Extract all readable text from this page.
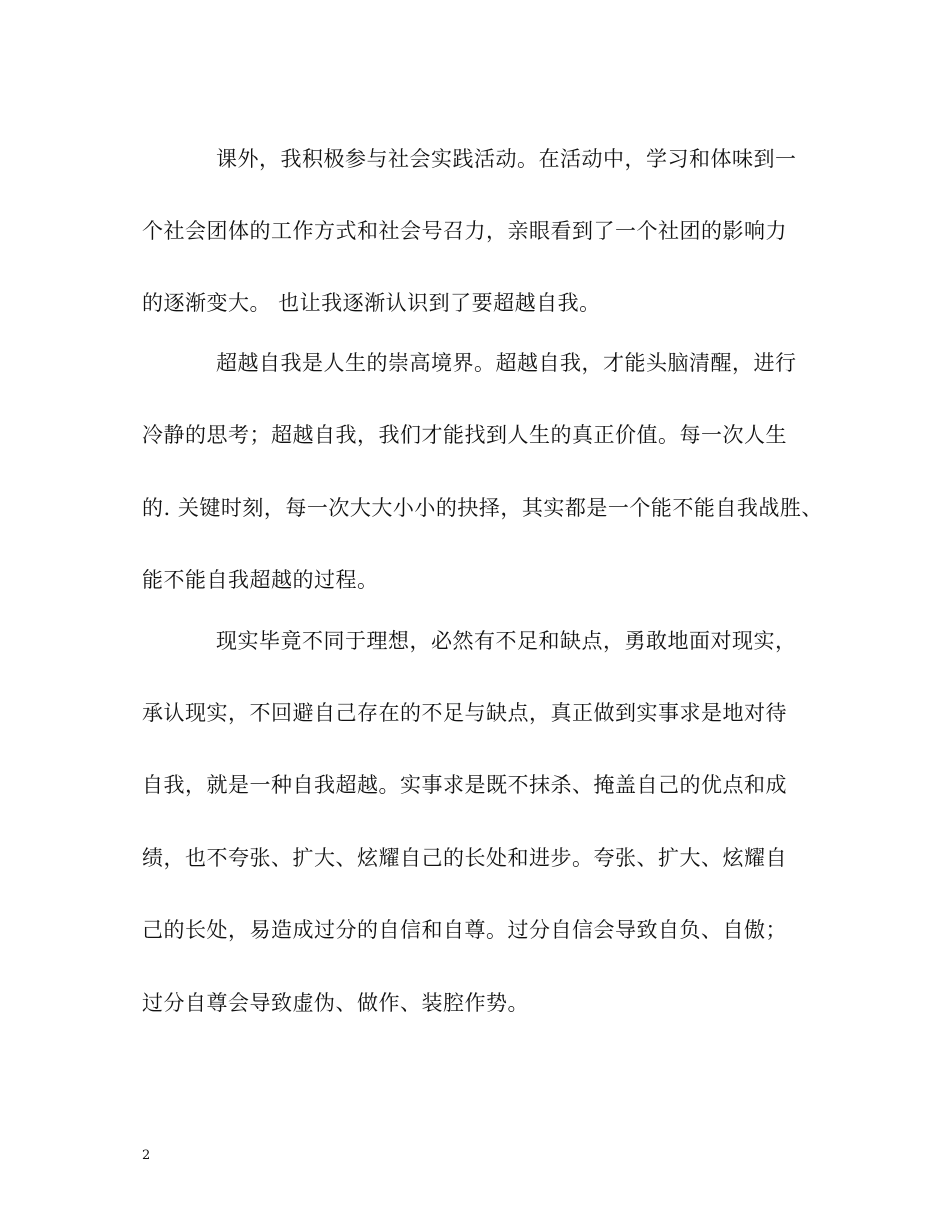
课外，我积极参与社会实践活动。在活动中，学习和体味到一
个社会团体的工作方式和社会号召力，亲眼看到了一个社团的影响力
的逐渐变大。 也让我逐渐认识到了要超越自我。
超越自我是人生的崇高境界。超越自我，才能头脑清醒，进行
冷静的思考；超越自我，我们才能找到人生的真正价值。每一次人生
的. 关键时刻，每一次大大小小的抉择，其实都是一个能不能自我战胜、
能不能自我超越的过程。
现实毕竟不同于理想，必然有不足和缺点，勇敢地面对现实，
承认现实，不回避自己存在的不足与缺点，真正做到实事求是地对待
自我，就是一种自我超越。实事求是既不抹杀、掩盖自己的优点和成
绩，也不夸张、扩大、炫耀自己的长处和进步。夸张、扩大、炫耀自
己的长处，易造成过分的自信和自尊。过分自信会导致自负、自傲；
过分自尊会导致虚伪、做作、装腔作势。
2
